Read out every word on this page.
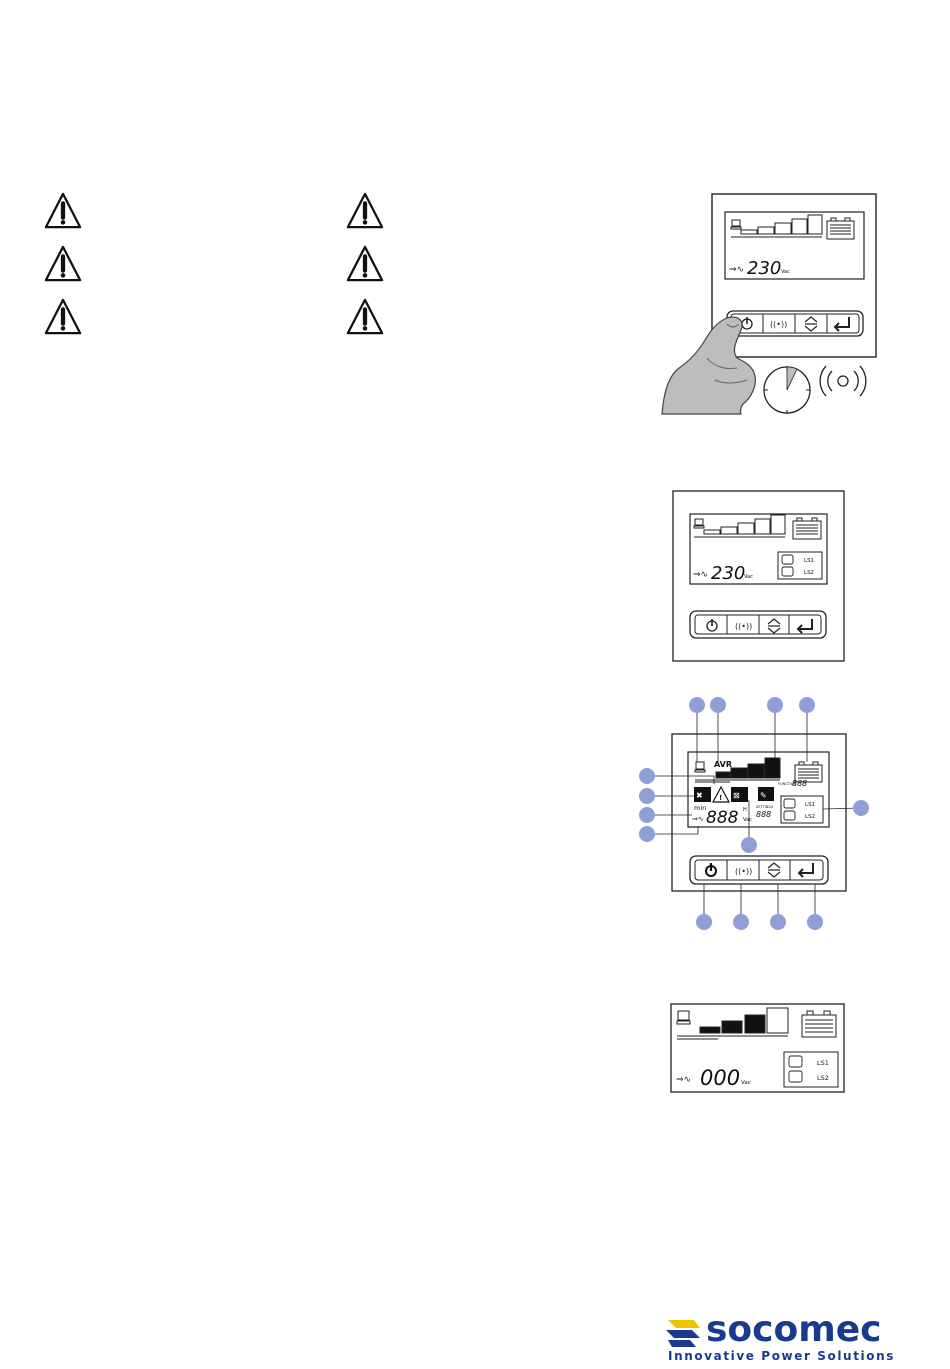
⇒∿ 230 Vac
((•))
⇒∿ 230
Vac
LS1
LS2
((•))
AVR
✖ ! ⊠	✎
min
⇒∿ 888 H
Vac
FUNCTION
888
SETTINGS
888
LS1
LS2
((•))
⇒∿ 000 Vac
LS1
LS2
socomec
Innovative Power Solutions
